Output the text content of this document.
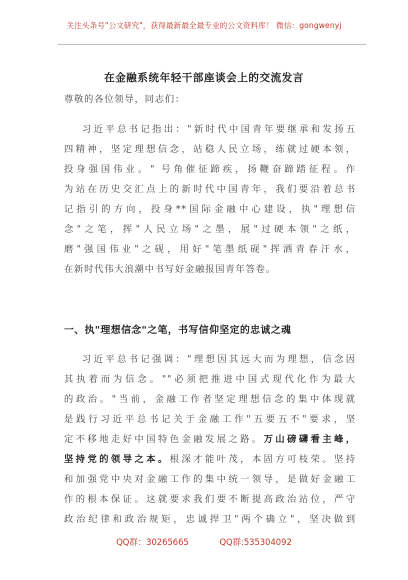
关注头条号"公文研究"，获得最新最全最专业的公文资料库！ 微信：gongwenyj
在金融系统年轻干部座谈会上的交流发言
尊敬的各位领导，同志们：
习近平总书记指出："新时代中国青年要继承和发扬五
四精神，坚定理想信念，站稳人民立场，练就过硬本领，
投身强国伟业。" 号角催征蹄疾，扬鞭奋蹄踏征程。作
为站在历史交汇点上的新时代中国青年，我们要沿着总书
记指引的方向，投身**国际金融中心建设，执"理想信
念"之笔，挥"人民立场"之墨，展"过硬本领"之纸，
磨"强国伟业"之砚，用好"笔墨纸砚"挥洒青春汗水，
在新时代伟大浪潮中书写好金融报国青年答卷。
一、执"理想信念"之笔，书写信仰坚定的忠诚之魂
习近平总书记强调："理想因其远大而为理想，信念因
其执着而为信念。""必须把推进中国式现代化作为最大
的政治。"当前，金融工作者坚定理想信念的集中体现就
是践行习近平总书记关于金融工作"五要五不"要求，坚
定不移地走好中国特色金融发展之路。万山磅礴看主峰，
坚持党的领导之本。根深才能叶茂，本固方可枝荣。坚持
和加强党中央对金融工作的集中统一领导，是做好金融工
作的根本保证。这就要求我们要不断提高政治站位，严守
政治纪律和政治规矩，忠诚捍卫"两个确立"，坚决做到
QQ群：30265665	QQ群:535304092
